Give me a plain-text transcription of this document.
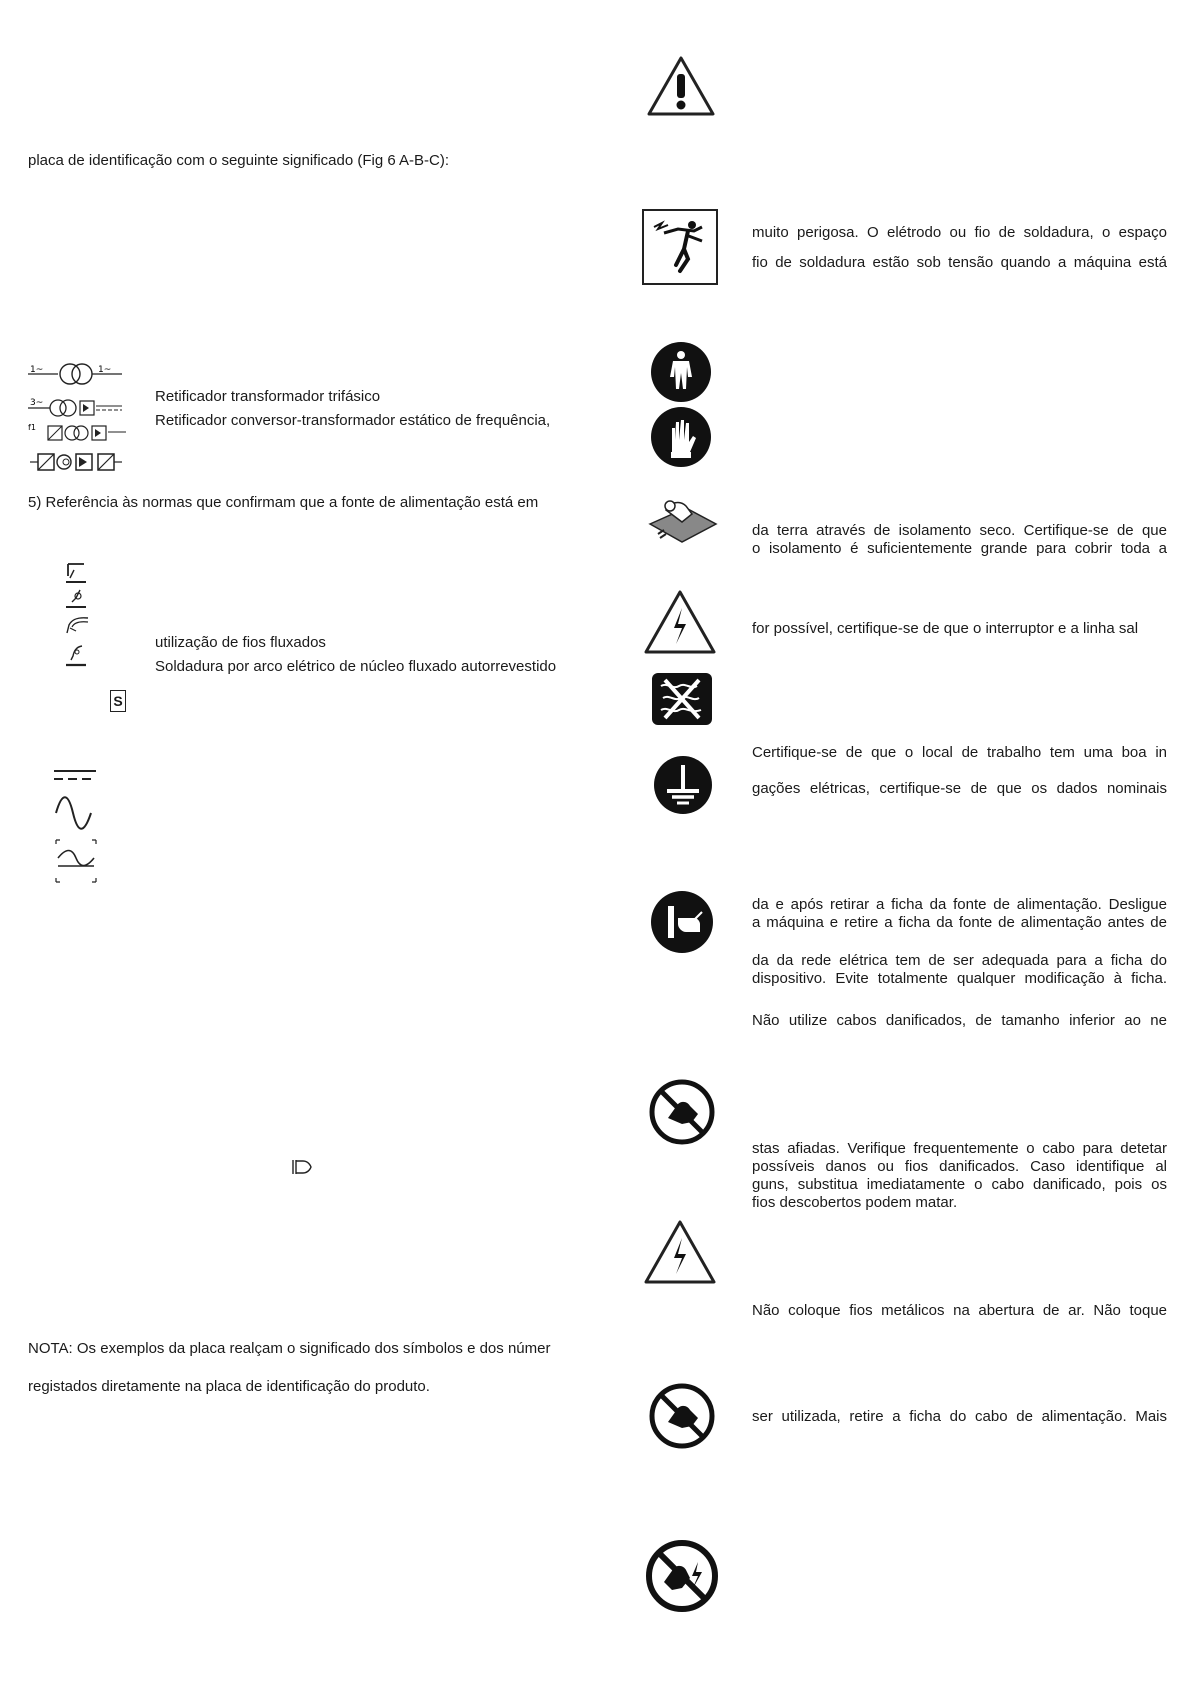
placa de identificação com o seguinte significado (Fig 6 A-B-C):
1~	1~
3~
f1
Retificador transformador trifásico
Retificador conversor-transformador estático de frequência,
5) Referência às normas que confirmam que a fonte de alimentação está em
utilização de fios fluxados
Soldadura por arco elétrico de núcleo fluxado autorrevestido
S
NOTA: Os exemplos da placa realçam o significado dos símbolos e dos númer
registados diretamente na placa de identificação do produto.
muito perigosa. O elétrodo ou fio de soldadura, o espaço
fio de soldadura estão sob tensão quando a máquina está
da terra através de isolamento seco. Certifique-se de que
o isolamento é suficientemente grande para cobrir toda a
for possível, certifique-se de que o interruptor e a linha sal
Certifique-se de que o local de trabalho tem uma boa in
gações elétricas, certifique-se de que os dados nominais
da e após retirar a ficha da fonte de alimentação. Desligue
a máquina e retire a ficha da fonte de alimentação antes de
da da rede elétrica tem de ser adequada para a ficha do
dispositivo. Evite totalmente qualquer modificação à ficha.
Não utilize cabos danificados, de tamanho inferior ao ne
stas afiadas. Verifique frequentemente o cabo para detetar
possíveis danos ou fios danificados. Caso identifique al
guns, substitua imediatamente o cabo danificado, pois os
fios descobertos podem matar.
Não coloque fios metálicos na abertura de ar. Não toque
ser utilizada, retire a ficha do cabo de alimentação. Mais
